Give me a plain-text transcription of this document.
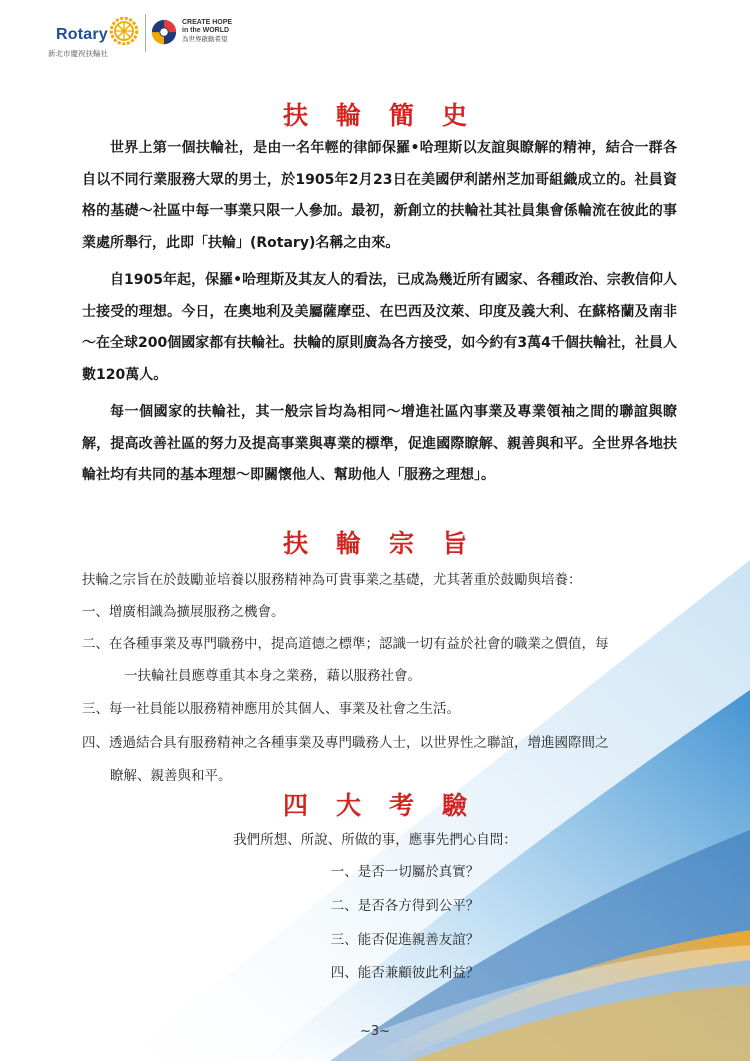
Rotary
新北市慶祝扶輪社
CREATE HOPE
in the WORLD
為世界啟動希望
扶輪簡史
世界上第一個扶輪社，是由一名年輕的律師保羅•哈理斯以友誼與瞭解的精神，結合一群各自以不同行業服務大眾的男士，於1905年2月23日在美國伊利諾州芝加哥組織成立的。社員資格的基礎～社區中每一事業只限一人參加。最初，新創立的扶輪社其社員集會係輪流在彼此的事業處所舉行，此即「扶輪」(Rotary)名稱之由來。
自1905年起，保羅•哈理斯及其友人的看法，已成為幾近所有國家、各種政治、宗教信仰人士接受的理想。今日，在奧地利及美屬薩摩亞、在巴西及汶萊、印度及義大利、在蘇格蘭及南非～在全球200個國家都有扶輪社。扶輪的原則廣為各方接受，如今約有3萬4千個扶輪社，社員人數120萬人。
每一個國家的扶輪社，其一般宗旨均為相同～增進社區內事業及專業領袖之間的聯誼與瞭解，提高改善社區的努力及提高事業與專業的標準，促進國際瞭解、親善與和平。全世界各地扶輪社均有共同的基本理想～即關懷他人、幫助他人「服務之理想」。
扶輪宗旨
扶輪之宗旨在於鼓勵並培養以服務精神為可貴事業之基礎，尤其著重於鼓勵與培養：
一、增廣相識為擴展服務之機會。
二、在各種事業及專門職務中，提高道德之標準；認識一切有益於社會的職業之價值，每
一扶輪社員應尊重其本身之業務，藉以服務社會。
三、每一社員能以服務精神應用於其個人、事業及社會之生活。
四、透過結合具有服務精神之各種事業及專門職務人士，以世界性之聯誼，增進國際間之
瞭解、親善與和平。
四大考驗
我們所想、所說、所做的事，應事先捫心自問：
一、是否一切屬於真實？
二、是否各方得到公平？
三、能否促進親善友誼？
四、能否兼顧彼此利益？
~3~
